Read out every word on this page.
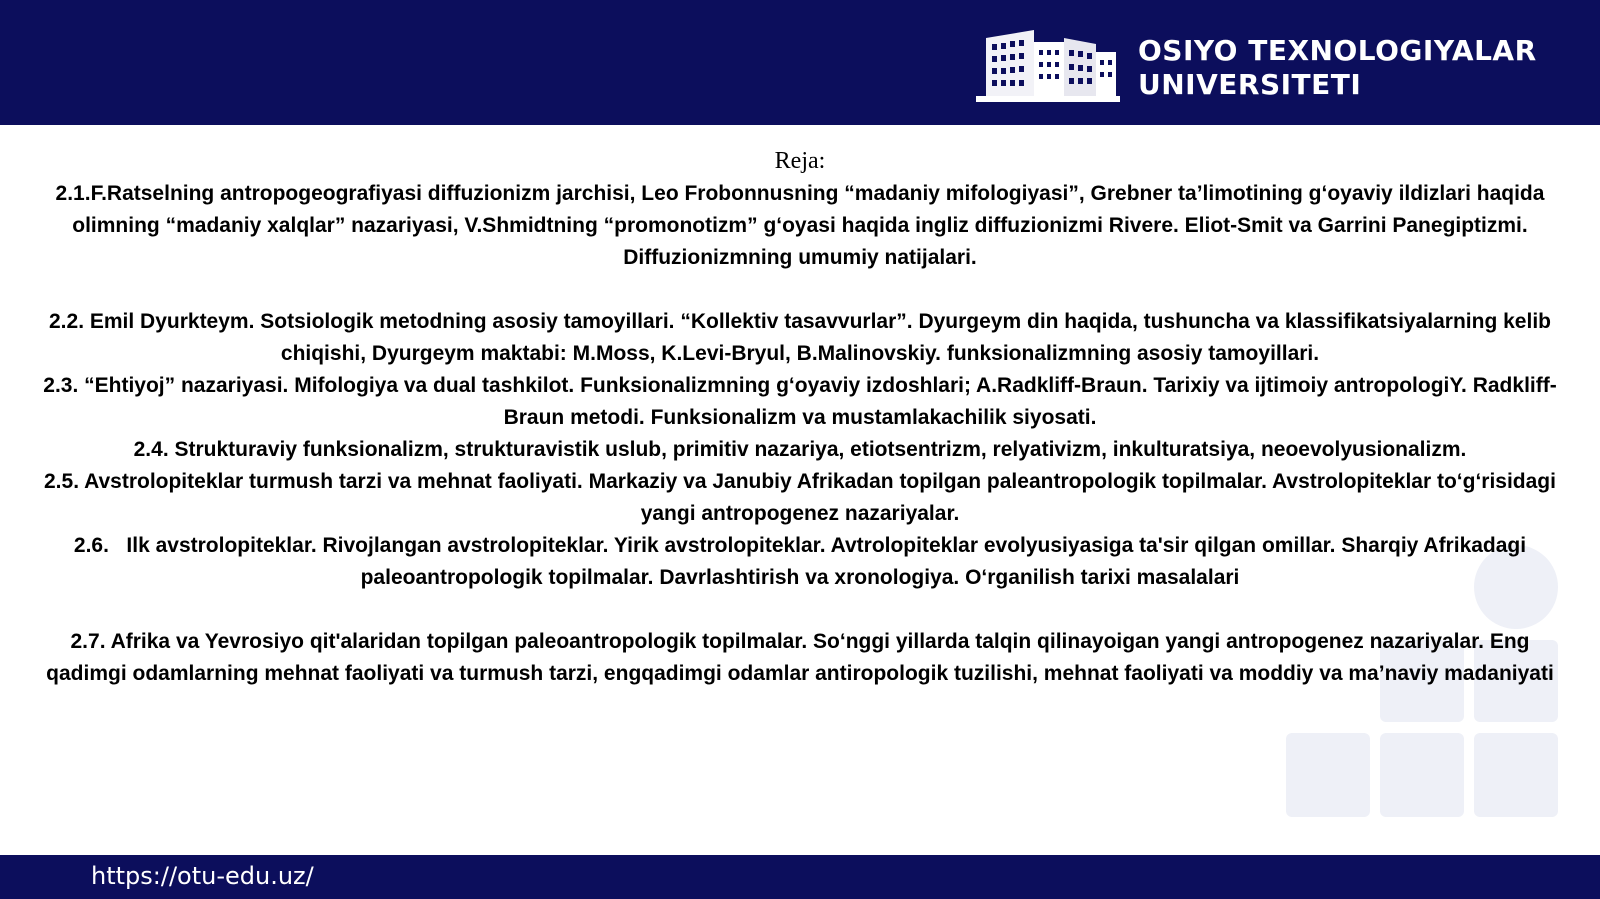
OSIYO TEXNOLOGIYALAR
UNIVERSITETI
Reja:

2.1.F.Ratselning antropogeografiyasi diffuzionizm jarchisi, Leo Frobonnusning “madaniy mifologiyasi”, Grebner ta’limotining g‘oyaviy ildizlari haqida olimning “madaniy xalqlar” nazariyasi, V.Shmidtning “promonotizm” g‘oyasi haqida ingliz diffuzionizmi Rivere. Eliot-Smit va Garrini Panegiptizmi. Diffuzionizmning umumiy natijalari.

2.2. Emil Dyurkteym. Sotsiologik metodning asosiy tamoyillari. “Kollektiv tasavvurlar”. Dyurgeym din haqida, tushuncha va klassifikatsiyalarning kelib chiqishi, Dyurgeym maktabi: M.Moss, K.Levi-Bryul, B.Malinovskiy. funksionalizmning asosiy tamoyillari.

2.3. “Ehtiyoj” nazariyasi. Mifologiya va dual tashkilot. Funksionalizmning g‘oyaviy izdoshlari; A.Radkliff-Braun. Tarixiy va ijtimoiy antropologiY. Radkliff-Braun metodi. Funksionalizm va mustamlakachilik siyosati.

2.4. Strukturaviy funksionalizm, strukturavistik uslub, primitiv nazariya, etiotsentrizm, relyativizm, inkulturatsiya, neoevolyusionalizm.

2.5. Avstrolopiteklar turmush tarzi va mehnat faoliyati. Markaziy va Janubiy Afrikadan topilgan paleantropologik topilmalar. Avstrolopiteklar to‘g‘risidagi yangi antropogenez nazariyalar.

2.6.   Ilk avstrolopiteklar. Rivojlangan avstrolopiteklar. Yirik avstrolopiteklar. Avtrolopiteklar evolyusiyasiga ta'sir qilgan omillar. Sharqiy Afrikadagi paleoantropologik topilmalar. Davrlashtirish va xronologiya. O‘rganilish tarixi masalalari

2.7. Afrika va Yevrosiyo qit'alaridan topilgan paleoantropologik topilmalar. So‘nggi yillarda talqin qilinayoigan yangi antropogenez nazariyalar. Eng qadimgi odamlarning mehnat faoliyati va turmush tarzi, engqadimgi odamlar antiropologik tuzilishi, mehnat faoliyati va moddiy va ma’naviy madaniyati

https://otu-edu.uz/
